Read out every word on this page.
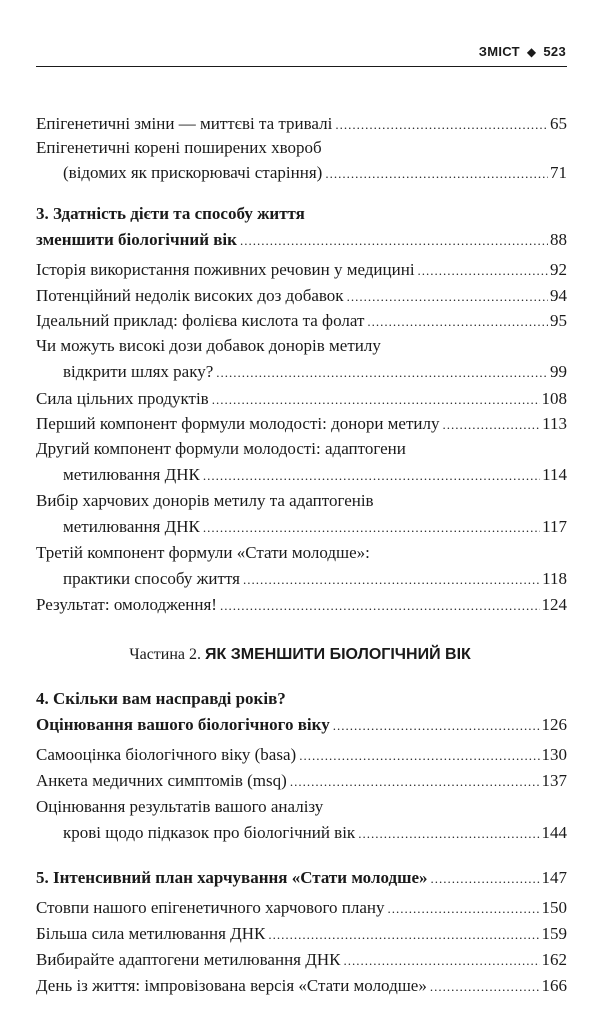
ЗМІСТ ◆ 523
Епігенетичні зміни — миттєві та тривалі .....	65
Епігенетичні корені поширених хвороб
(відомих як прискорювачі старіння) .....	71
3. Здатність дієти та способу життя
зменшити біологічний вік .....	88
Історія використання поживних речовин у медицині .....	92
Потенційний недолік високих доз добавок .....	94
Ідеальний приклад: фолієва кислота та фолат .....	95
Чи можуть високі дози добавок донорів метилу
відкрити шлях раку? .....	99
Сила цільних продуктів .....	108
Перший компонент формули молодості: донори метилу .....	113
Другий компонент формули молодості: адаптогени
метилювання ДНК .....	114
Вибір харчових донорів метилу та адаптогенів
метилювання ДНК .....	117
Третій компонент формули «Стати молодше»:
практики способу життя .....	118
Результат: омолодження! .....	124
Частина 2. ЯК ЗМЕНШИТИ БІОЛОГІЧНИЙ ВІК
4. Скільки вам насправді років?
Оцінювання вашого біологічного віку .....	126
Самооцінка біологічного віку (basa) .....	130
Анкета медичних симптомів (msq) .....	137
Оцінювання результатів вашого аналізу
крові щодо підказок про біологічний вік .....	144
5. Інтенсивний план харчування «Стати молодше» .....	147
Стовпи нашого епігенетичного харчового плану .....	150
Більша сила метилювання ДНК .....	159
Вибирайте адаптогени метилювання ДНК .....	162
День із життя: імпровізована версія «Стати молодше» .....	166
